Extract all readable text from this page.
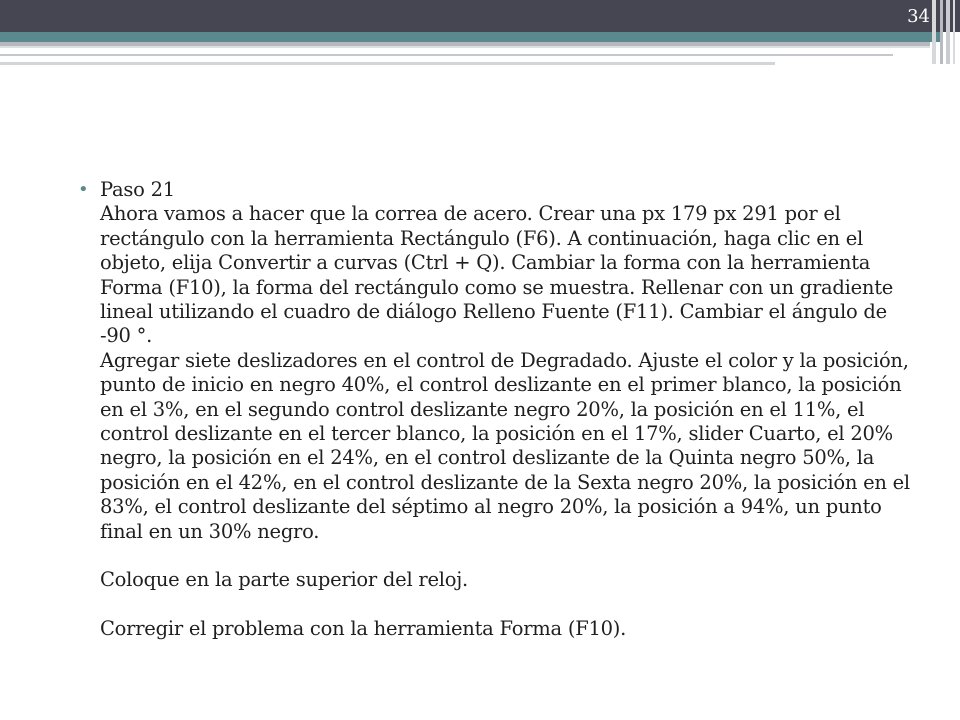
34
• Paso 21

Ahora vamos a hacer que la correa de acero. Crear una px 179 px 291 por el rectángulo con la herramienta Rectángulo (F6). A continuación, haga clic en el objeto, elija Convertir a curvas (Ctrl + Q). Cambiar la forma con la herramienta Forma (F10), la forma del rectángulo como se muestra. Rellenar con un gradiente lineal utilizando el cuadro de diálogo Relleno Fuente (F11). Cambiar el ángulo de -90 °.

Agregar siete deslizadores en el control de Degradado. Ajuste el color y la posición, punto de inicio en negro 40%, el control deslizante en el primer blanco, la posición en el 3%, en el segundo control deslizante negro 20%, la posición en el 11%, el control deslizante en el tercer blanco, la posición en el 17%, slider Cuarto, el 20% negro, la posición en el 24%, en el control deslizante de la Quinta negro 50%, la posición en el 42%, en el control deslizante de la Sexta negro 20%, la posición en el 83%, el control deslizante del séptimo al negro 20%, la posición a 94%, un punto final en un 30% negro.

Coloque en la parte superior del reloj.

Corregir el problema con la herramienta Forma (F10).
